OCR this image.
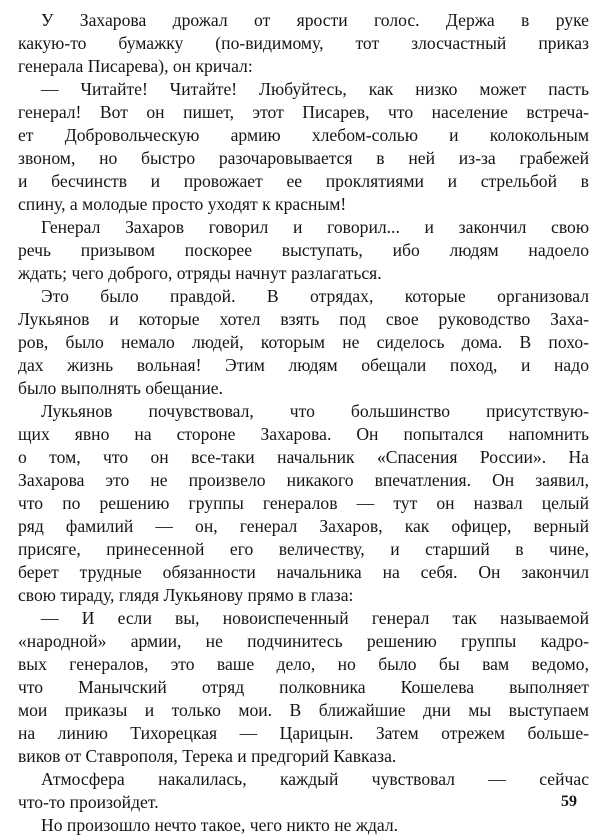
У Захарова дрожал от ярости голос. Держа в руке
какую-то бумажку (по-видимому, тот злосчастный приказ
генерала Писарева), он кричал:
— Читайте! Читайте! Любуйтесь, как низко может пасть
генерал! Вот он пишет, этот Писарев, что население встреча-
ет Добровольческую армию хлебом-солью и колокольным
звоном, но быстро разочаровывается в ней из-за грабежей
и бесчинств и провожает ее проклятиями и стрельбой в
спину, а молодые просто уходят к красным!
Генерал Захаров говорил и говорил... и закончил свою
речь призывом поскорее выступать, ибо людям надоело
ждать; чего доброго, отряды начнут разлагаться.
Это было правдой. В отрядах, которые организовал
Лукьянов и которые хотел взять под свое руководство Заха-
ров, было немало людей, которым не сиделось дома. В похо-
дах жизнь вольная! Этим людям обещали поход, и надо
было выполнять обещание.
Лукьянов почувствовал, что большинство присутствую-
щих явно на стороне Захарова. Он попытался напомнить
о том, что он все-таки начальник «Спасения России». На
Захарова это не произвело никакого впечатления. Он заявил,
что по решению группы генералов — тут он назвал целый
ряд фамилий — он, генерал Захаров, как офицер, верный
присяге, принесенной его величеству, и старший в чине,
берет трудные обязанности начальника на себя. Он закончил
свою тираду, глядя Лукьянову прямо в глаза:
— И если вы, новоиспеченный генерал так называемой
«народной» армии, не подчинитесь решению группы кадро-
вых генералов, это ваше дело, но было бы вам ведомо,
что Манычский отряд полковника Кошелева выполняет
мои приказы и только мои. В ближайшие дни мы выступаем
на линию Тихорецкая — Царицын. Затем отрежем больше-
виков от Ставрополя, Терека и предгорий Кавказа.
Атмосфера накалилась, каждый чувствовал — сейчас
что-то произойдет.
Но произошло нечто такое, чего никто не ждал.
59
